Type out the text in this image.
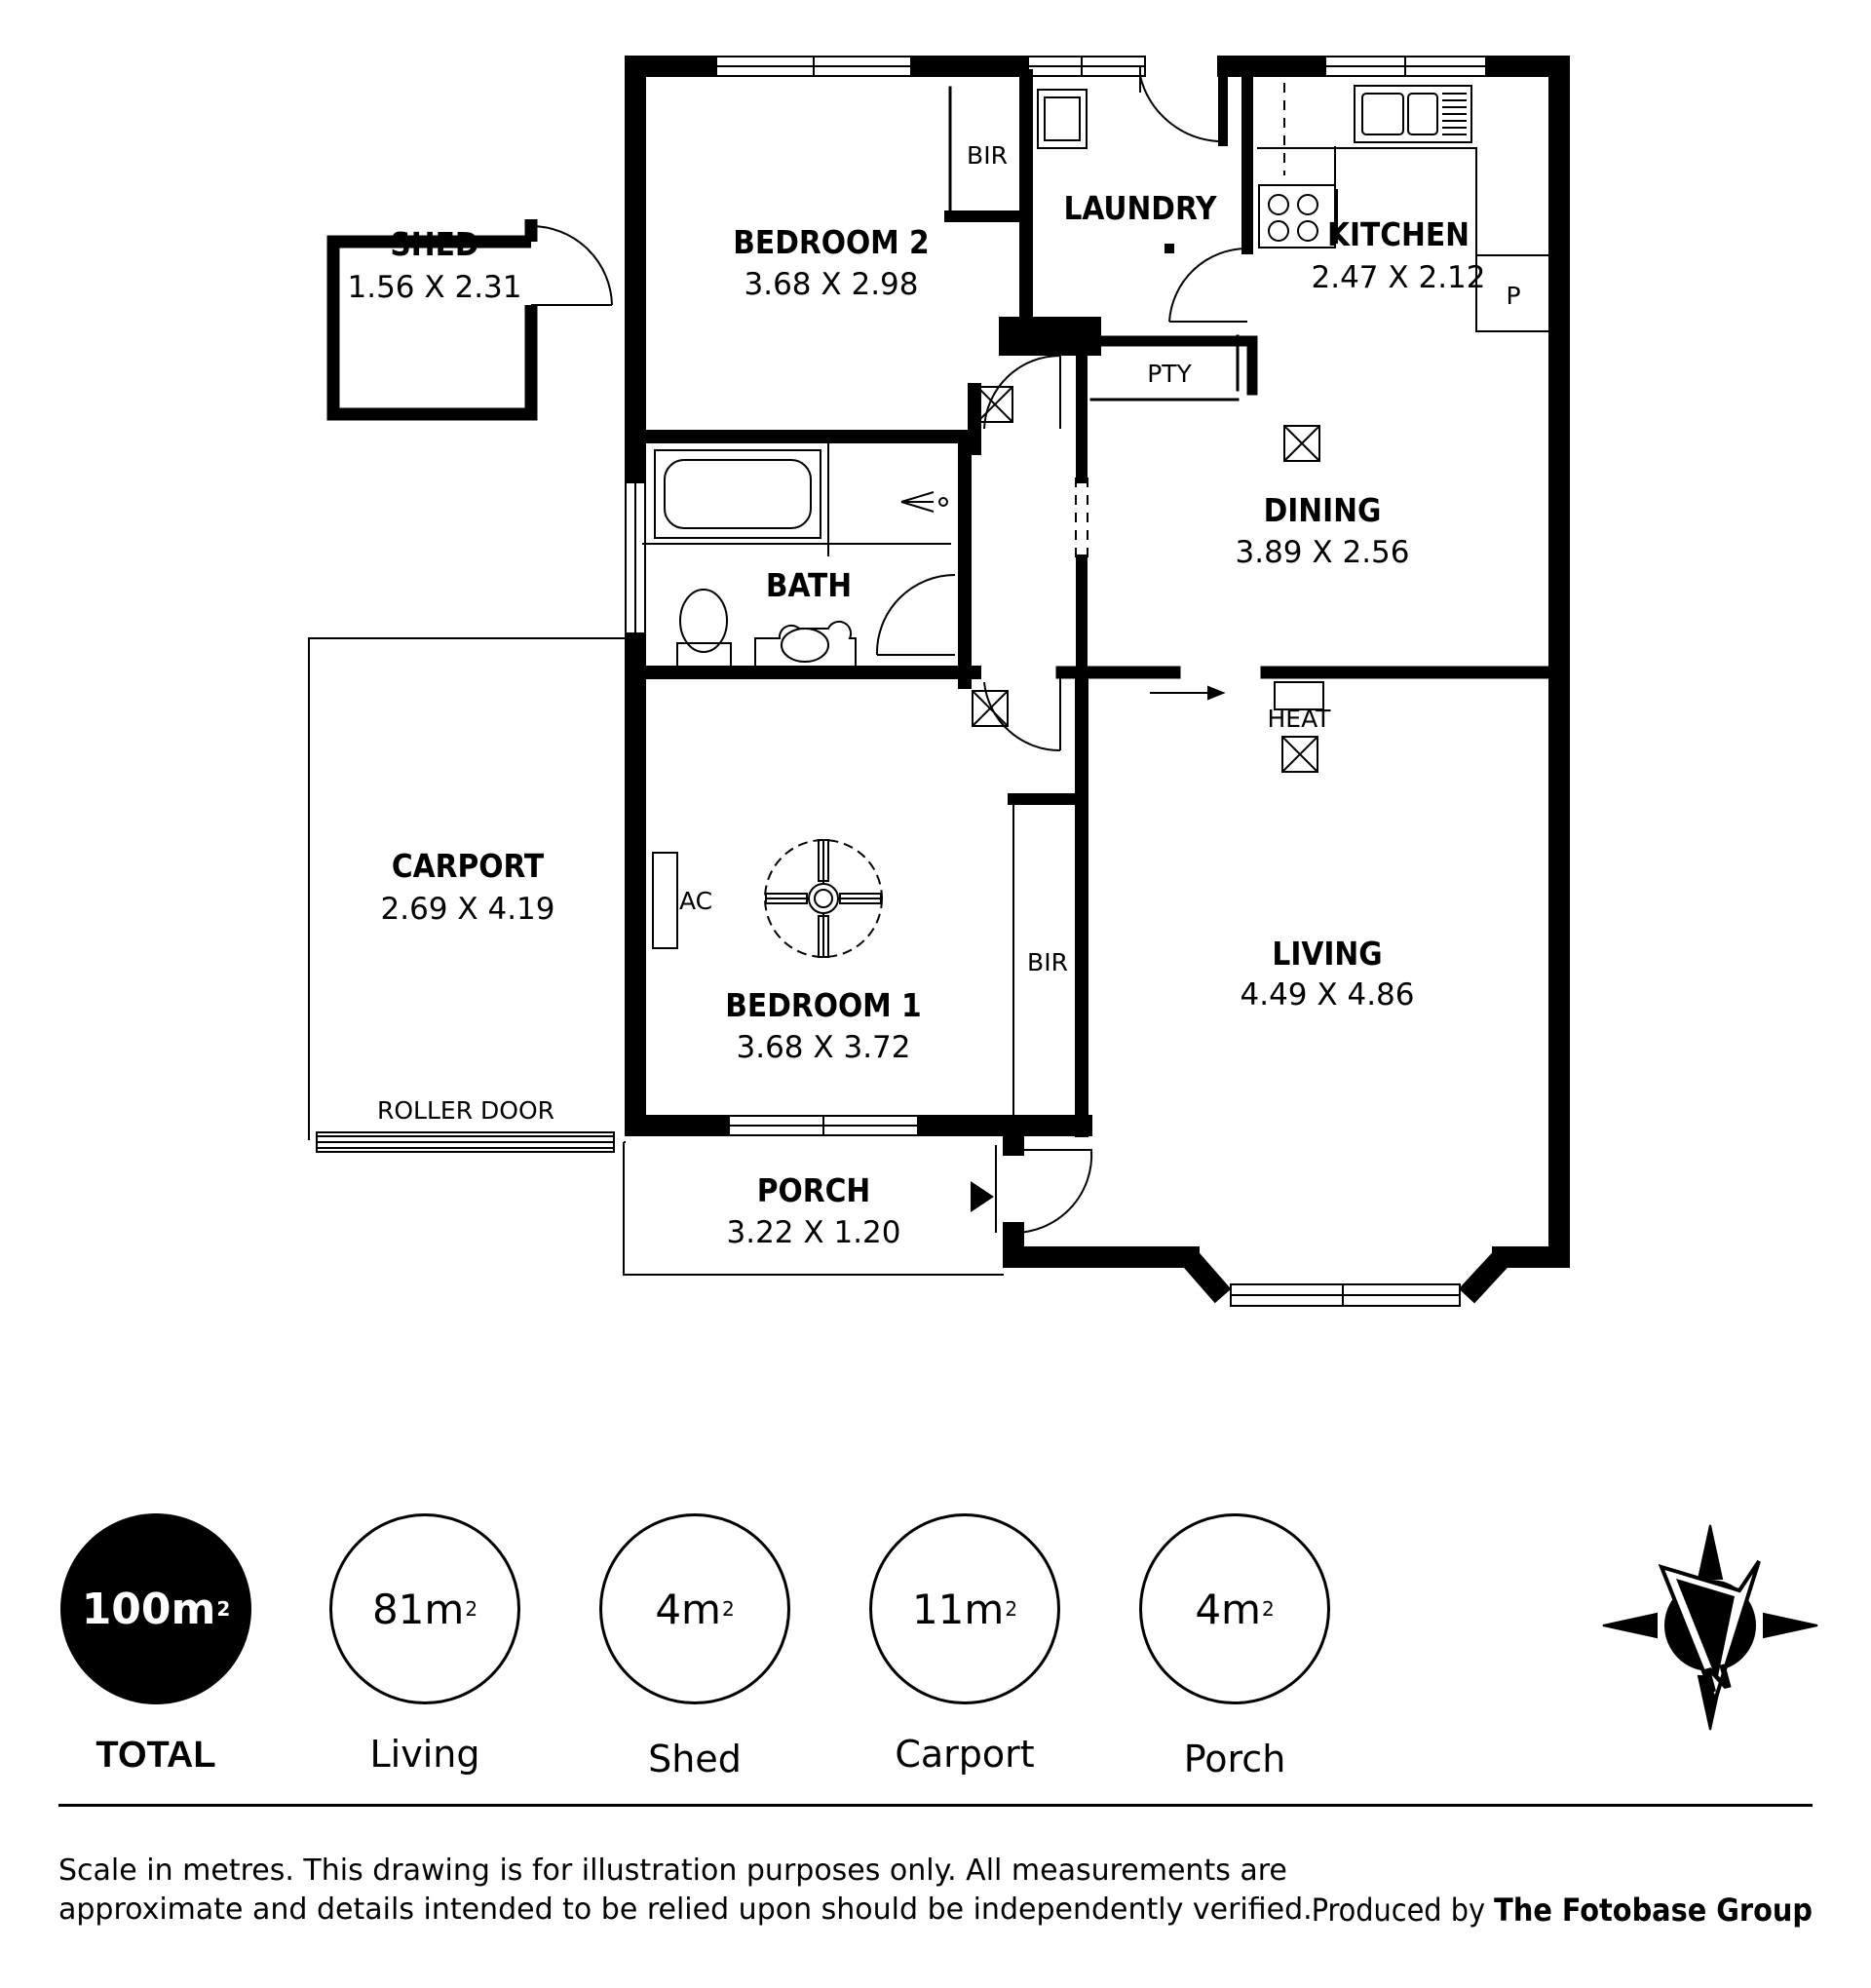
SHED
1.56 X 2.31
BEDROOM 2
3.68 X 2.98
LAUNDRY
KITCHEN
2.47 X 2.12
DINING
3.89 X 2.56
BATH
CARPORT
2.69 X 4.19
BEDROOM 1
3.68 X 3.72
LIVING
4.49 X 4.86
PORCH
3.22 X 1.20
BIR
BIR
PTY
P
HEAT
AC
ROLLER DOOR
100m 2
TOTAL
81m 2
Living
4m 2
Shed
11m 2
Carport
4m 2
Porch
N
Scale in metres. This drawing is for illustration purposes only. All measurements are
approximate and details intended to be relied upon should be independently verified. Produced by The Fotobase Group
